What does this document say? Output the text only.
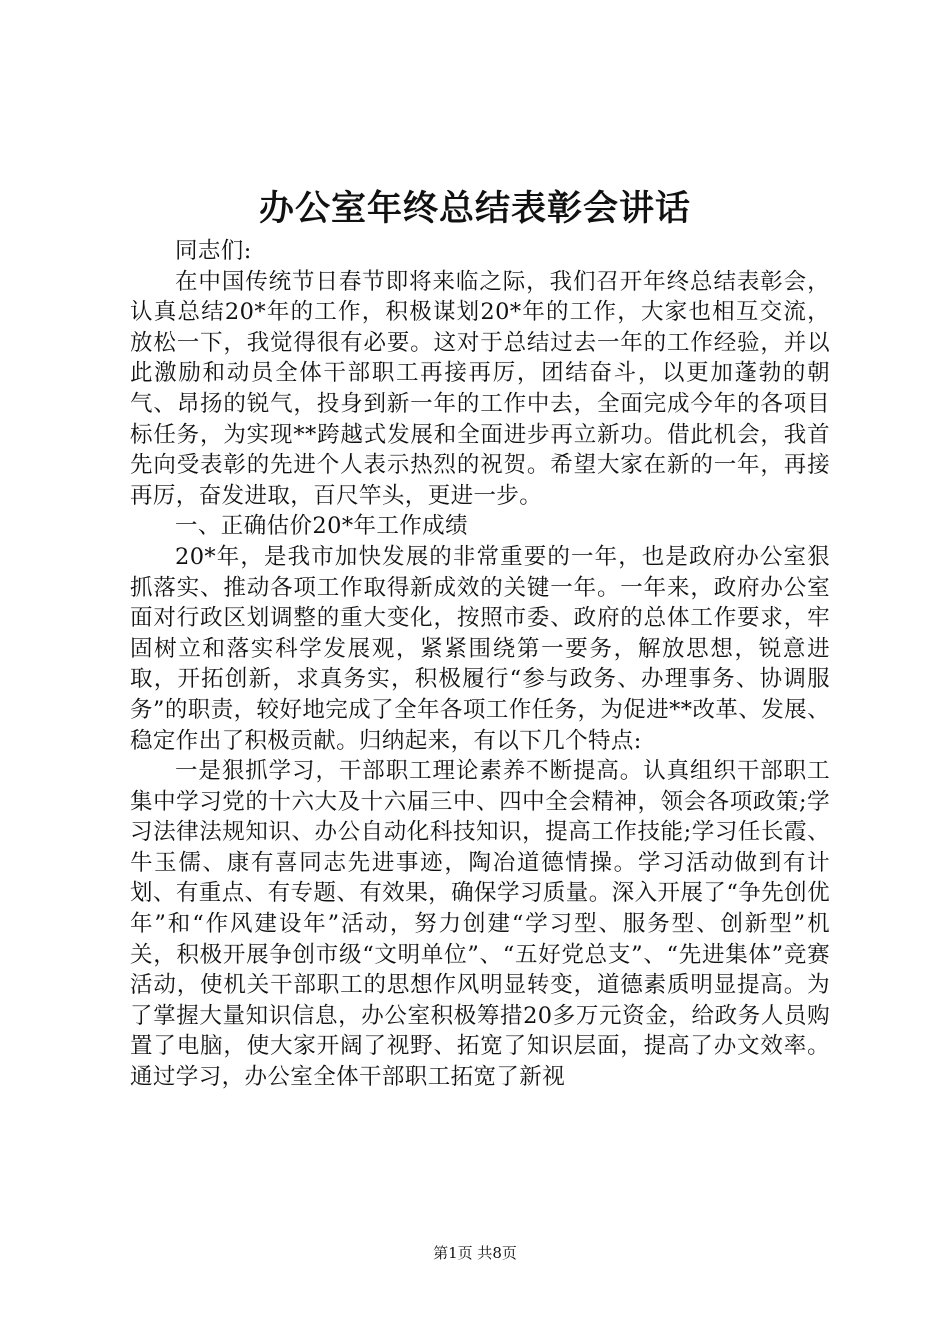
办公室年终总结表彰会讲话

同志们:

在中国传统节日春节即将来临之际，我们召开年终总结表彰会，认真总结20*年的工作，积极谋划20*年的工作，大家也相互交流，放松一下，我觉得很有必要。这对于总结过去一年的工作经验，并以此激励和动员全体干部职工再接再厉，团结奋斗，以更加蓬勃的朝气、昂扬的锐气，投身到新一年的工作中去，全面完成今年的各项目标任务，为实现**跨越式发展和全面进步再立新功。借此机会，我首先向受表彰的先进个人表示热烈的祝贺。希望大家在新的一年，再接再厉，奋发进取，百尺竿头，更进一步。

一、正确估价20*年工作成绩

20*年，是我市加快发展的非常重要的一年，也是政府办公室狠抓落实、推动各项工作取得新成效的关键一年。一年来，政府办公室面对行政区划调整的重大变化，按照市委、政府的总体工作要求，牢固树立和落实科学发展观，紧紧围绕第一要务，解放思想，锐意进取，开拓创新，求真务实，积极履行“参与政务、办理事务、协调服务”的职责，较好地完成了全年各项工作任务，为促进**改革、发展、稳定作出了积极贡献。归纳起来，有以下几个特点:

一是狠抓学习，干部职工理论素养不断提高。认真组织干部职工集中学习党的十六大及十六届三中、四中全会精神，领会各项政策;学习法律法规知识、办公自动化科技知识，提高工作技能;学习任长霞、牛玉儒、康有喜同志先进事迹，陶冶道德情操。学习活动做到有计划、有重点、有专题、有效果，确保学习质量。深入开展了“争先创优年”和“作风建设年”活动，努力创建“学习型、服务型、创新型”机关，积极开展争创市级“文明单位”、“五好党总支”、“先进集体”竞赛活动，使机关干部职工的思想作风明显转变，道德素质明显提高。为了掌握大量知识信息，办公室积极筹措20多万元资金，给政务人员购置了电脑，使大家开阔了视野、拓宽了知识层面，提高了办文效率。通过学习，办公室全体干部职工拓宽了新视

第1页 共8页
